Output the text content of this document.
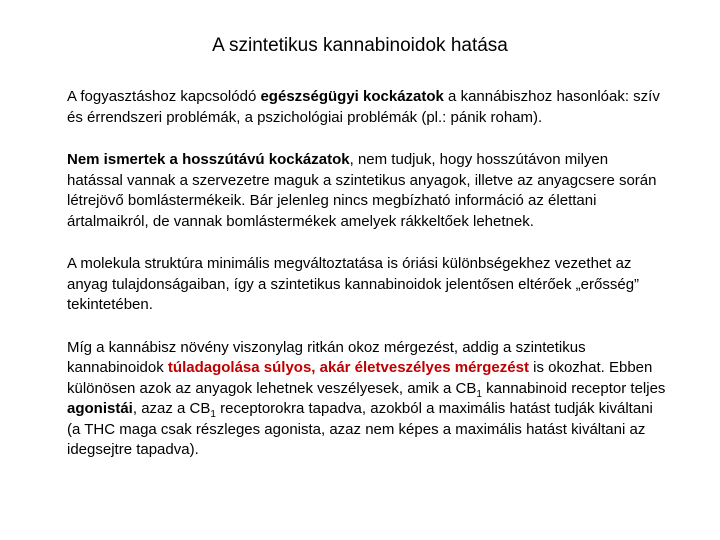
A szintetikus kannabinoidok hatása

A fogyasztáshoz kapcsolódó egészségügyi kockázatok a kannábiszhoz hasonlóak: szív és érrendszeri problémák, a pszichológiai problémák (pl.: pánik roham).

Nem ismertek a hosszútávú kockázatok, nem tudjuk, hogy hosszútávon milyen hatással vannak a szervezetre maguk a szintetikus anyagok, illetve az anyagcsere során létrejövő bomlástermékeik. Bár jelenleg nincs megbízható információ az élettani ártalmaikról, de vannak bomlástermékek amelyek rákkeltőek lehetnek.

A molekula struktúra minimális megváltoztatása is óriási különbségekhez vezethet az anyag tulajdonságaiban, így a szintetikus kannabinoidok jelentősen eltérőek „erősség” tekintetében.

Míg a kannábisz növény viszonylag ritkán okoz mérgezést, addig a szintetikus kannabinoidok túladagolása súlyos, akár életveszélyes mérgezést is okozhat. Ebben különösen azok az anyagok lehetnek veszélyesek, amik a $CB_1$ kannabinoid receptor teljes agonistái, azaz a $CB_1$ receptorokra tapadva, azokból a maximális hatást tudják kiváltani (a THC maga csak részleges agonista, azaz nem képes a maximális hatást kiváltani az idegsejtre tapadva).
